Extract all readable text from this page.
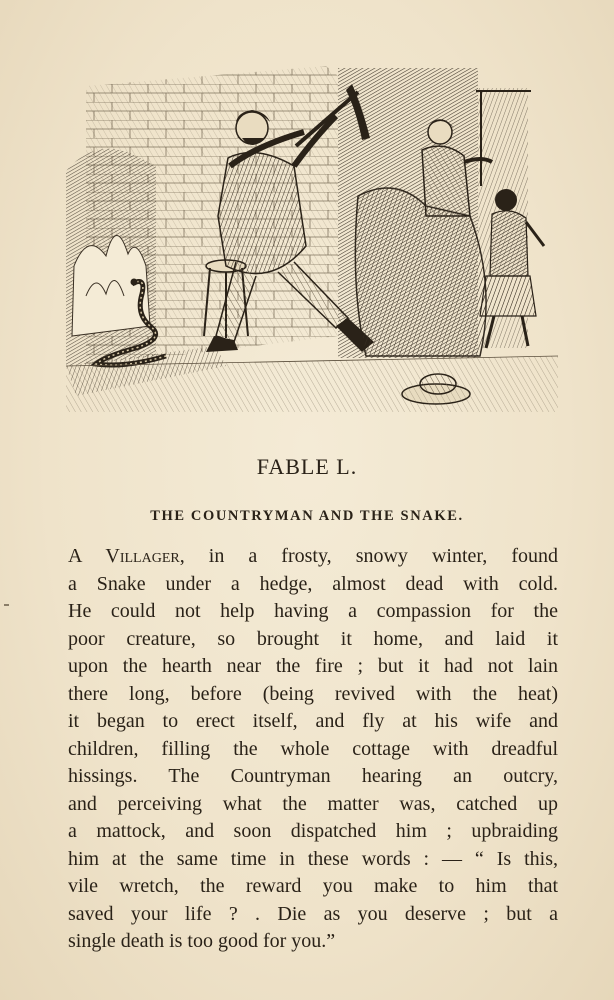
FABLE L.
THE COUNTRYMAN AND THE SNAKE.
A Villager, in a frosty, snowy winter, found
a Snake under a hedge, almost dead with cold.
He could not help having a compassion for the
poor creature, so brought it home, and laid it
upon the hearth near the fire ; but it had not lain
there long, before (being revived with the heat)
it began to erect itself, and fly at his wife and
children, filling the whole cottage with dreadful
hissings. The Countryman hearing an outcry,
and perceiving what the matter was, catched up
a mattock, and soon dispatched him ; upbraiding
him at the same time in these words : — “ Is this,
vile wretch, the reward you make to him that
saved your life ? . Die as you deserve ; but a
single death is too good for you.”
